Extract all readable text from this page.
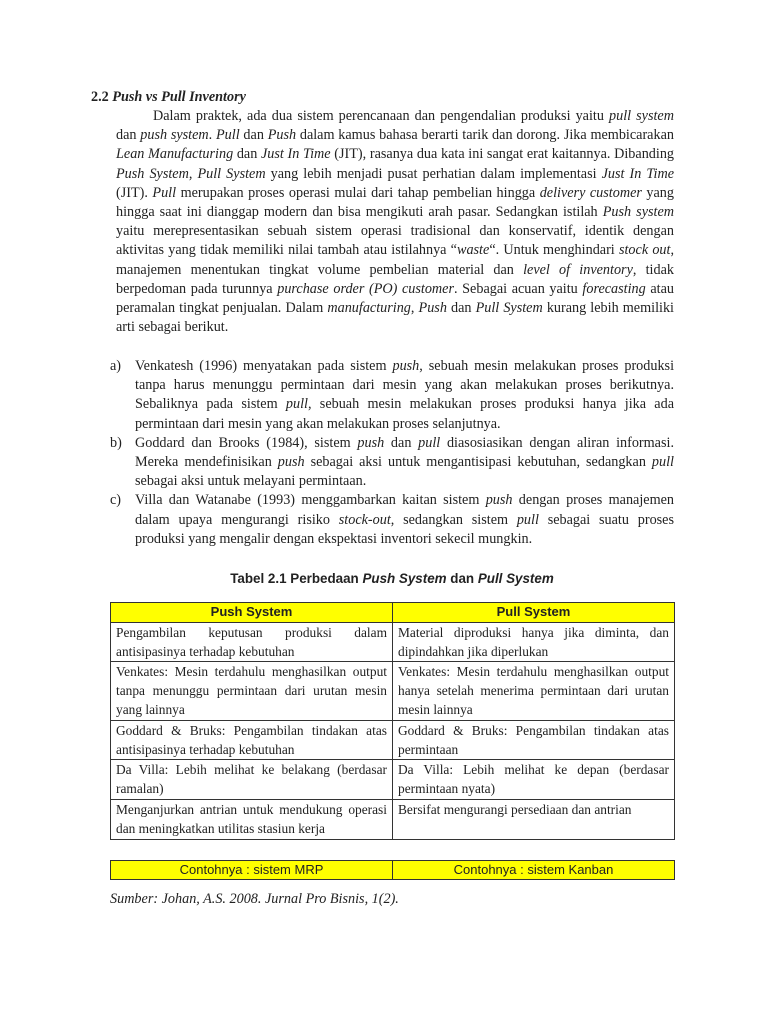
2.2 Push vs Pull Inventory

Dalam praktek, ada dua sistem perencanaan dan pengendalian produksi yaitu pull system dan push system. Pull dan Push dalam kamus bahasa berarti tarik dan dorong. Jika membicarakan Lean Manufacturing dan Just In Time (JIT), rasanya dua kata ini sangat erat kaitannya. Dibanding Push System, Pull System yang lebih menjadi pusat perhatian dalam implementasi Just In Time (JIT). Pull merupakan proses operasi mulai dari tahap pembelian hingga delivery customer yang hingga saat ini dianggap modern dan bisa mengikuti arah pasar. Sedangkan istilah Push system yaitu merepresentasikan sebuah sistem operasi tradisional dan konservatif, identik dengan aktivitas yang tidak memiliki nilai tambah atau istilahnya “waste“. Untuk menghindari stock out, manajemen menentukan tingkat volume pembelian material dan level of inventory, tidak berpedoman pada turunnya purchase order (PO) customer. Sebagai acuan yaitu forecasting atau peramalan tingkat penjualan. Dalam manufacturing, Push dan Pull System kurang lebih memiliki arti sebagai berikut.

a) Venkatesh (1996) menyatakan pada sistem push, sebuah mesin melakukan proses produksi tanpa harus menunggu permintaan dari mesin yang akan melakukan proses berikutnya. Sebaliknya pada sistem pull, sebuah mesin melakukan proses produksi hanya jika ada permintaan dari mesin yang akan melakukan proses selanjutnya.
b) Goddard dan Brooks (1984), sistem push dan pull diasosiasikan dengan aliran informasi. Mereka mendefinisikan push sebagai aksi untuk mengantisipasi kebutuhan, sedangkan pull sebagai aksi untuk melayani permintaan.
c) Villa dan Watanabe (1993) menggambarkan kaitan sistem push dengan proses manajemen dalam upaya mengurangi risiko stock-out, sedangkan sistem pull sebagai suatu proses produksi yang mengalir dengan ekspektasi inventori sekecil mungkin.
Tabel 2.1 Perbedaan Push System dan Pull System
Push System	Pull System
Pengambilan keputusan produksi dalam antisipasinya terhadap kebutuhan	Material diproduksi hanya jika diminta, dan dipindahkan jika diperlukan
Venkates: Mesin terdahulu menghasilkan output tanpa menunggu permintaan dari urutan mesin yang lainnya	Venkates: Mesin terdahulu menghasilkan output hanya setelah menerima permintaan dari urutan mesin lainnya
Goddard & Bruks: Pengambilan tindakan atas antisipasinya terhadap kebutuhan	Goddard & Bruks: Pengambilan tindakan atas permintaan
Da Villa: Lebih melihat ke belakang (berdasar ramalan)	Da Villa: Lebih melihat ke depan (berdasar permintaan nyata)
Menganjurkan antrian untuk mendukung operasi dan meningkatkan utilitas stasiun kerja	Bersifat mengurangi persediaan dan antrian

Contohnya : sistem MRP	Contohnya : sistem Kanban
Sumber: Johan, A.S. 2008. Jurnal Pro Bisnis, 1(2).
